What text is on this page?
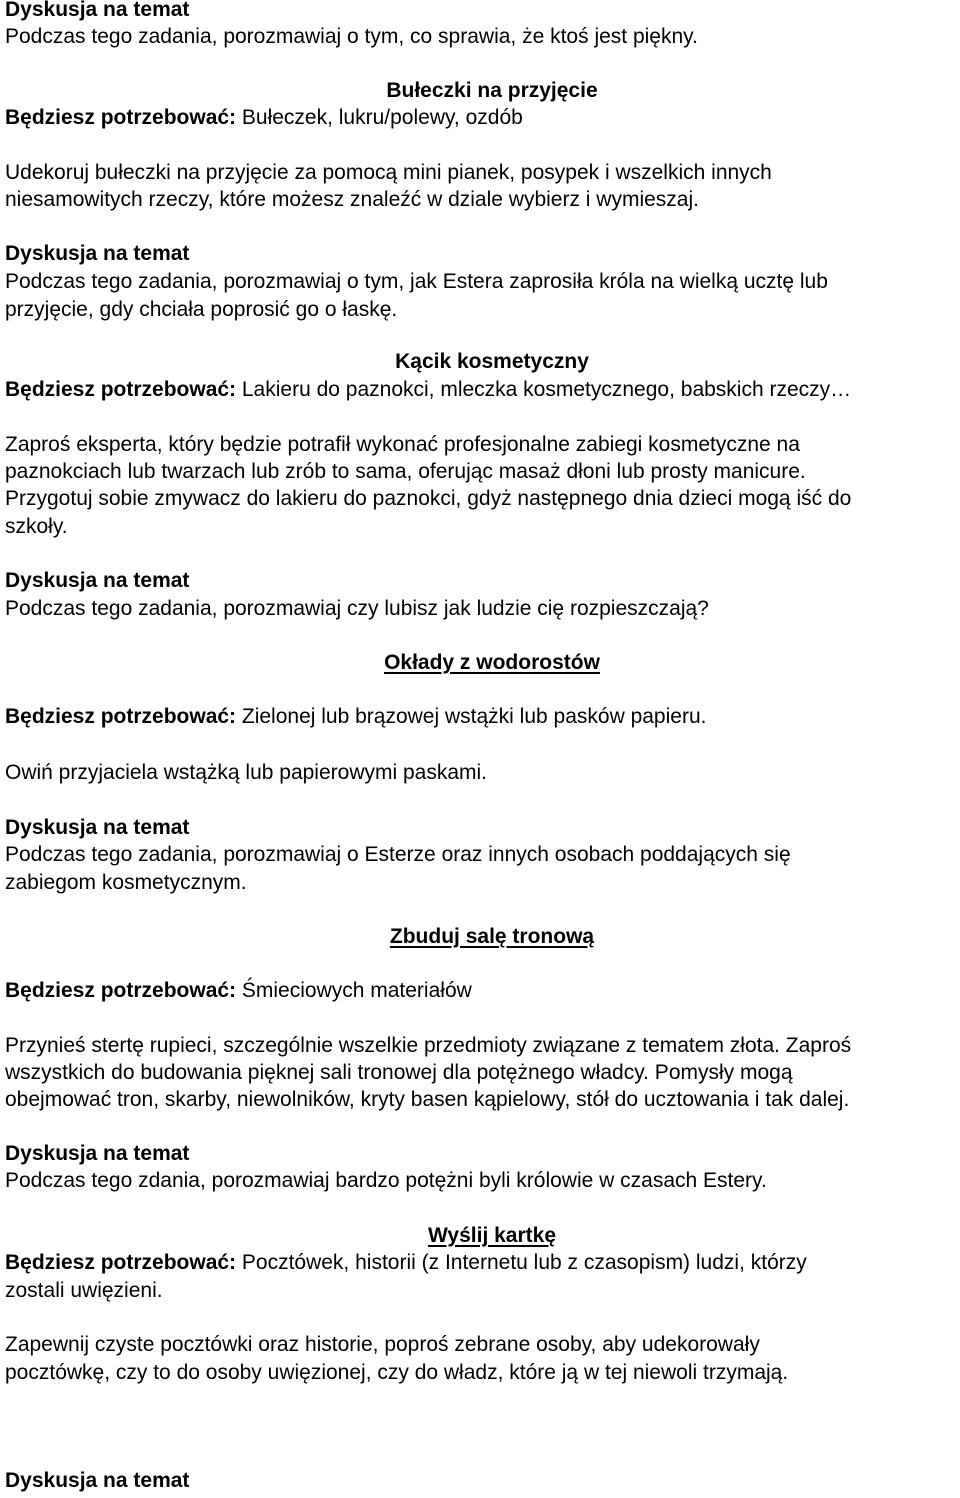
Dyskusja na temat
Podczas tego zadania, porozmawiaj o tym, co sprawia, że ktoś jest piękny.
Bułeczki na przyjęcie
Będziesz potrzebować: Bułeczek, lukru/polewy, ozdób
Udekoruj bułeczki na przyjęcie za pomocą mini pianek, posypek i wszelkich innych
niesamowitych rzeczy, które możesz znaleźć w dziale wybierz i wymieszaj.
Dyskusja na temat
Podczas tego zadania, porozmawiaj o tym, jak Estera zaprosiła króla na wielką ucztę lub
przyjęcie, gdy chciała poprosić go o łaskę.
Kącik kosmetyczny
Będziesz potrzebować: Lakieru do paznokci, mleczka kosmetycznego, babskich rzeczy…
Zaproś eksperta, który będzie potrafił wykonać profesjonalne zabiegi kosmetyczne na
paznokciach lub twarzach lub zrób to sama, oferując masaż dłoni lub prosty manicure.
Przygotuj sobie zmywacz do lakieru do paznokci, gdyż następnego dnia dzieci mogą iść do
szkoły.
Dyskusja na temat
Podczas tego zadania, porozmawiaj czy lubisz jak ludzie cię rozpieszczają?
Okłady z wodorostów
Będziesz potrzebować: Zielonej lub brązowej wstążki lub pasków papieru.
Owiń przyjaciela wstążką lub papierowymi paskami.
Dyskusja na temat
Podczas tego zadania, porozmawiaj o Esterze oraz innych osobach poddających się
zabiegom kosmetycznym.
Zbuduj salę tronową
Będziesz potrzebować: Śmieciowych materiałów
Przynieś stertę rupieci, szczególnie wszelkie przedmioty związane z tematem złota. Zaproś
wszystkich do budowania pięknej sali tronowej dla potężnego władcy. Pomysły mogą
obejmować tron, skarby, niewolników, kryty basen kąpielowy, stół do ucztowania i tak dalej.
Dyskusja na temat
Podczas tego zdania, porozmawiaj bardzo potężni byli królowie w czasach Estery.
Wyślij kartkę
Będziesz potrzebować: Pocztówek, historii (z Internetu lub z czasopism) ludzi, którzy
zostali uwięzieni.
Zapewnij czyste pocztówki oraz historie, poproś zebrane osoby, aby udekorowały
pocztówkę, czy to do osoby uwięzionej, czy do władz, które ją w tej niewoli trzymają.
Dyskusja na temat
